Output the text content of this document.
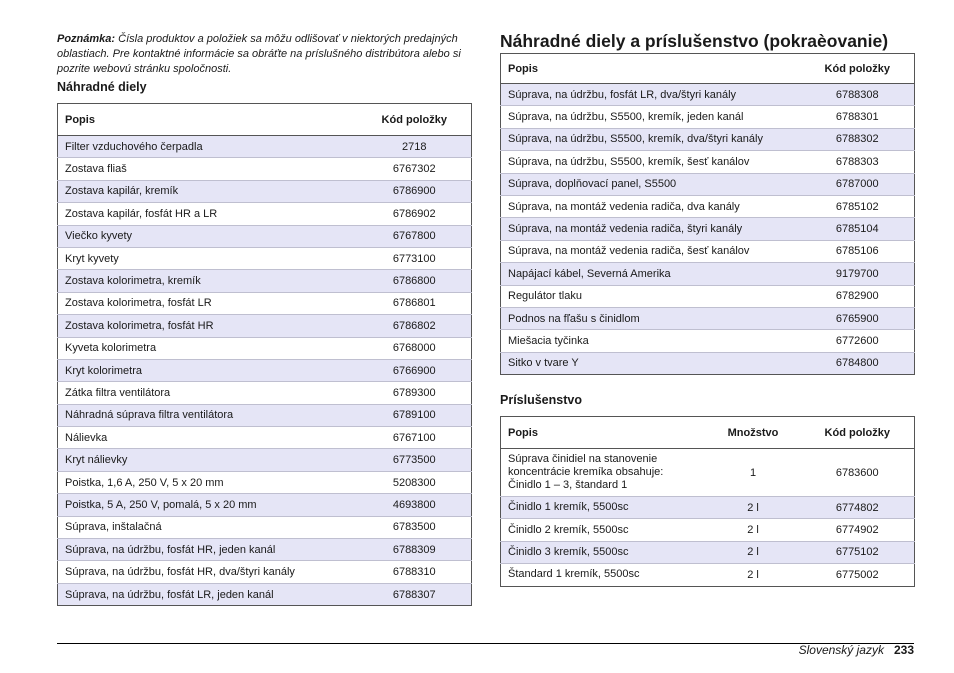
Poznámka: Čísla produktov a položiek sa môžu odlišovať v niektorých predajných oblastiach. Pre kontaktné informácie sa obráťte na príslušného distribútora alebo si pozrite webovú stránku spoločnosti.
Náhradné diely
Popis	Kód položky
Filter vzduchového čerpadla	2718
Zostava fliaš	6767302
Zostava kapilár, kremík	6786900
Zostava kapilár, fosfát HR a LR	6786902
Viečko kyvety	6767800
Kryt kyvety	6773100
Zostava kolorimetra, kremík	6786800
Zostava kolorimetra, fosfát LR	6786801
Zostava kolorimetra, fosfát HR	6786802
Kyveta kolorimetra	6768000
Kryt kolorimetra	6766900
Zátka filtra ventilátora	6789300
Náhradná súprava filtra ventilátora	6789100
Nálievka	6767100
Kryt nálievky	6773500
Poistka, 1,6 A, 250 V, 5 x 20 mm	5208300
Poistka, 5 A, 250 V, pomalá, 5 x 20 mm	4693800
Súprava, inštalačná	6783500
Súprava, na údržbu, fosfát HR, jeden kanál	6788309
Súprava, na údržbu, fosfát HR, dva/štyri kanály	6788310
Súprava, na údržbu, fosfát LR, jeden kanál	6788307
Náhradné diely a príslušenstvo (pokraèovanie)
Popis	Kód položky
Súprava, na údržbu, fosfát LR, dva/štyri kanály	6788308
Súprava, na údržbu, S5500, kremík, jeden kanál	6788301
Súprava, na údržbu, S5500, kremík, dva/štyri kanály	6788302
Súprava, na údržbu, S5500, kremík, šesť kanálov	6788303
Súprava, doplňovací panel, S5500	6787000
Súprava, na montáž vedenia radiča, dva kanály	6785102
Súprava, na montáž vedenia radiča, štyri kanály	6785104
Súprava, na montáž vedenia radiča, šesť kanálov	6785106
Napájací kábel, Severná Amerika	9179700
Regulátor tlaku	6782900
Podnos na fľašu s činidlom	6765900
Miešacia tyčinka	6772600
Sitko v tvare Y	6784800
Príslušenstvo
Popis	Množstvo	Kód položky

Súprava činidiel na stanovenie
koncentrácie kremíka obsahuje:
Činidlo 1 – 3, štandard 1	1	6783600

Činidlo 1 kremík, 5500sc	2 l	6774802

Činidlo 2 kremík, 5500sc	2 l	6774902

Činidlo 3 kremík, 5500sc	2 l	6775102

Štandard 1 kremík, 5500sc	2 l	6775002
Slovenský jazyk 233
